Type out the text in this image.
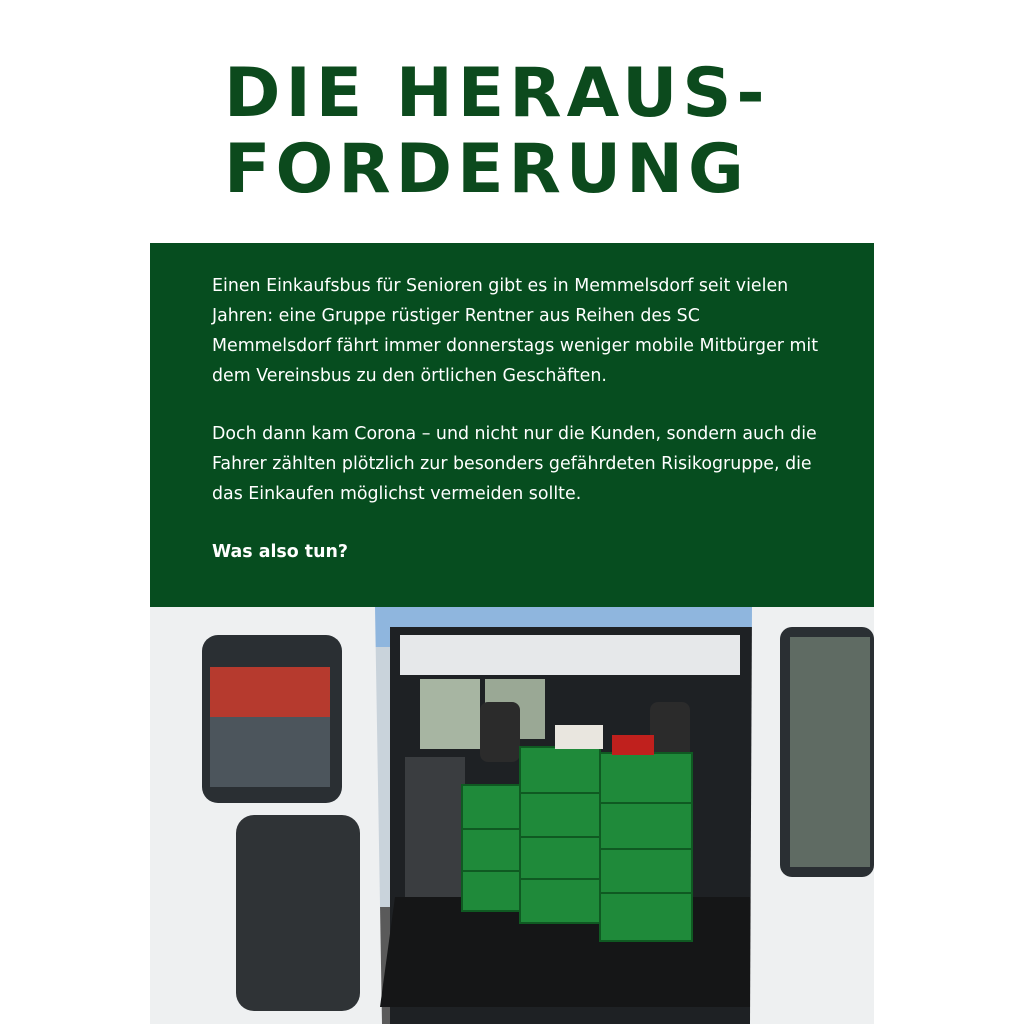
DIE HERAUS-
FORDERUNG

Einen Einkaufsbus für Senioren gibt es in Memmelsdorf seit vielen Jahren: eine Gruppe rüstiger Rentner aus Reihen des SC Memmelsdorf fährt immer donnerstags weniger mobile Mitbürger mit dem Vereinsbus zu den örtlichen Geschäften.

Doch dann kam Corona – und nicht nur die Kunden, sondern auch die Fahrer zählten plötzlich zur besonders gefährdeten Risikogruppe, die das Einkaufen möglichst vermeiden sollte.

Was also tun?
